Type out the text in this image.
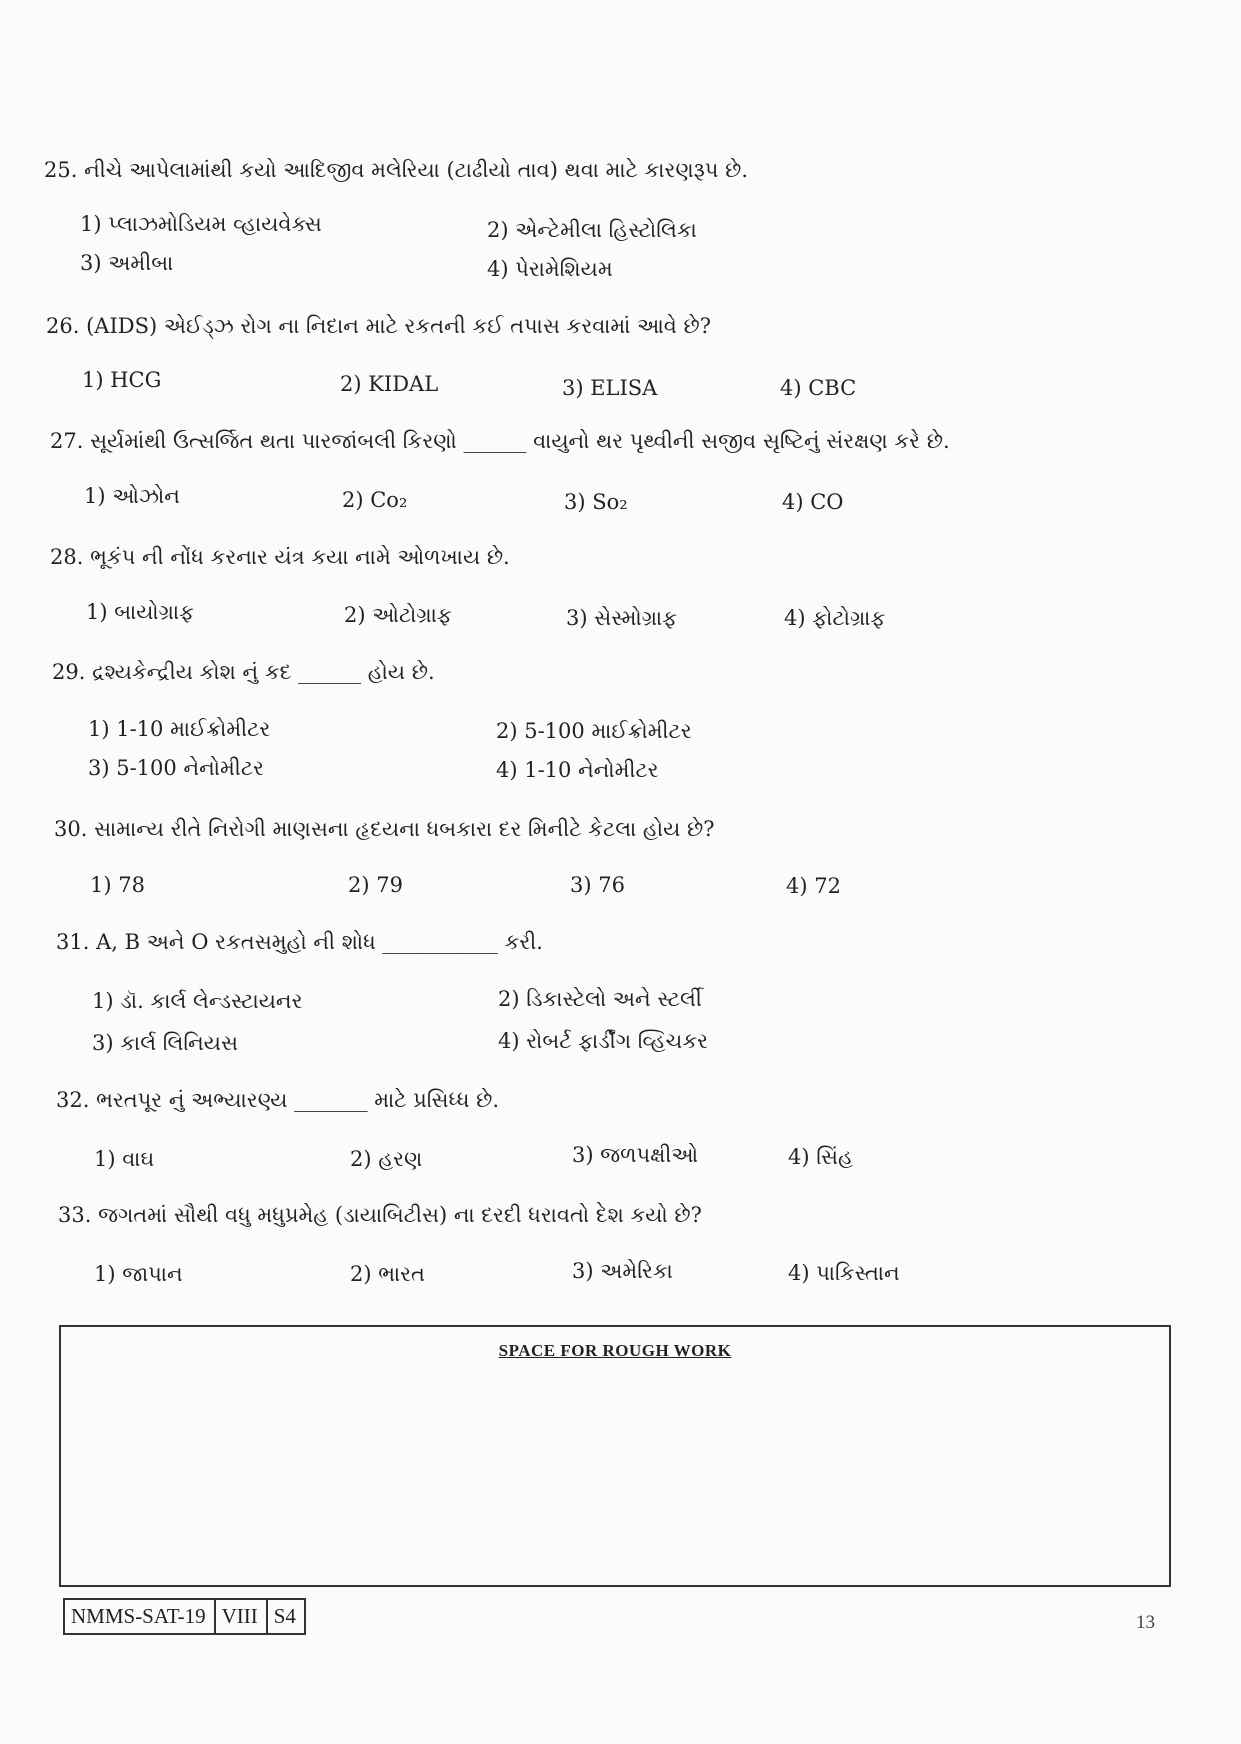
25. નીચે આપેલામાંથી કયો આદિજીવ મલેરિયા (ટાઢીયો તાવ) થવા માટે કારણરૂપ છે.
1) પ્લાઝમોડિયમ વ્હાયવેક્સ	2) એન્ટેમીલા હિસ્ટોલિકા
3) અમીબા	4) પેરામેશિયમ
26. (AIDS) એઈડ્ઝ રોગ ના નિદાન માટે રકતની કઈ તપાસ કરવામાં આવે છે?
1) HCG	2) KIDAL	3) ELISA	4) CBC
27. સૂર્યમાંથી ઉત્સર્જિત થતા પારજાંબલી કિરણો ______ વાયુનો થર પૃથ્વીની સજીવ સૃષ્ટિનું સંરક્ષણ કરે છે.
1) ઓઝોન	2) Co₂	3) So₂	4) CO
28. ભૂકંપ ની નોંધ કરનાર યંત્ર કયા નામે ઓળખાય છે.
1) બાયોગ્રાફ	2) ઓટોગ્રાફ	3) સેસ્મોગ્રાફ	4) ફોટોગ્રાફ
29. દ્રશ્યકેન્દ્રીય કોશ નું કદ ______ હોય છે.
1) 1-10 માઈક્રોમીટર	2) 5-100 માઈક્રોમીટર
3) 5-100 નેનોમીટર	4) 1-10 નેનોમીટર
30. સામાન્ય રીતે નિરોગી માણસના હૃદયના ધબકારા દર મિનીટે કેટલા હોય છે?
1) 78	2) 79	3) 76	4) 72
31. A, B અને O રકતસમુહો ની શોધ ___________ કરી.
1) ડૉ. કાર્લ લેન્ડસ્ટાયનર	2) ડિકાસ્ટેલો અને સ્ટર્લી
3) કાર્લ લિનિયસ	4) રોબર્ટ ફાર્ડીંગ વ્હિચકર
32. ભરતપૂર નું અભ્યારણ્ય _______ માટે પ્રસિધ્ધ છે.
1) વાઘ	2) હરણ	3) જળપક્ષીઓ	4) સિંહ
33. જગતમાં સૌથી વધુ મધુપ્રમેહ (ડાયાબિટીસ) ના દરદી ધરાવતો દેશ કયો છે?
1) જાપાન	2) ભારત	3) અમેરિકા	4) પાકિસ્તાન
SPACE FOR ROUGH WORK
NMMS-SAT-19 VIII S4	13
